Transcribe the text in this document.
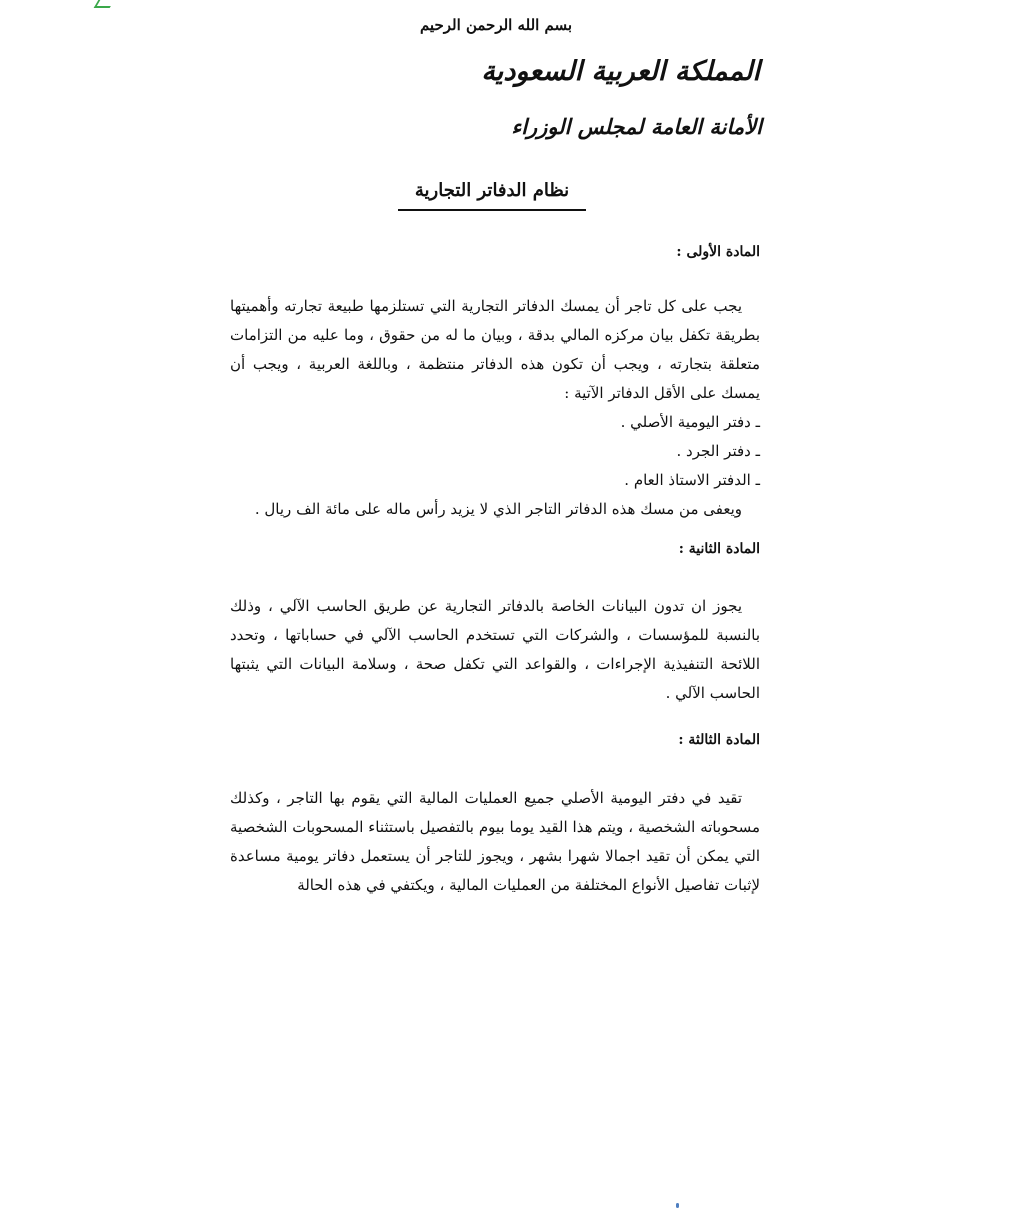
بسم الله الرحمن الرحيم
المملكة العربية السعودية
الأمانة العامة لمجلس الوزراء
نظام الدفاتر التجارية
المادة الأولى :

يجب على كل تاجر أن يمسك الدفاتر التجارية التي تستلزمها طبيعة تجارته وأهميتها بطريقة تكفل بيان مركزه المالي بدقة ، وبيان ما له من حقوق ، وما عليه من التزامات متعلقة بتجارته ، ويجب أن تكون هذه الدفاتر منتظمة ، وباللغة العربية ، ويجب أن يمسك على الأقل الدفاتر الآتية :

ـ دفتر اليومية الأصلي .

ـ دفتر الجرد .

ـ الدفتر الاستاذ العام .

ويعفى من مسك هذه الدفاتر التاجر الذي لا يزيد رأس ماله على مائة الف ريال .

المادة الثانية :

يجوز ان تدون البيانات الخاصة بالدفاتر التجارية عن طريق الحاسب الآلي ، وذلك بالنسبة للمؤسسات ، والشركات التي تستخدم الحاسب الآلي في حساباتها ، وتحدد اللائحة التنفيذية الإجراءات ، والقواعد التي تكفل صحة ، وسلامة البيانات التي يثبتها الحاسب الآلي .

المادة الثالثة :

تقيد في دفتر اليومية الأصلي جميع العمليات المالية التي يقوم بها التاجر ، وكذلك مسحوباته الشخصية ، ويتم هذا القيد يوما بيوم بالتفصيل باستثناء المسحوبات الشخصية التي يمكن أن تقيد اجمالا شهرا بشهر ، ويجوز للتاجر أن يستعمل دفاتر يومية مساعدة لإثبات تفاصيل الأنواع المختلفة من العمليات المالية ، ويكتفي في هذه الحالة
